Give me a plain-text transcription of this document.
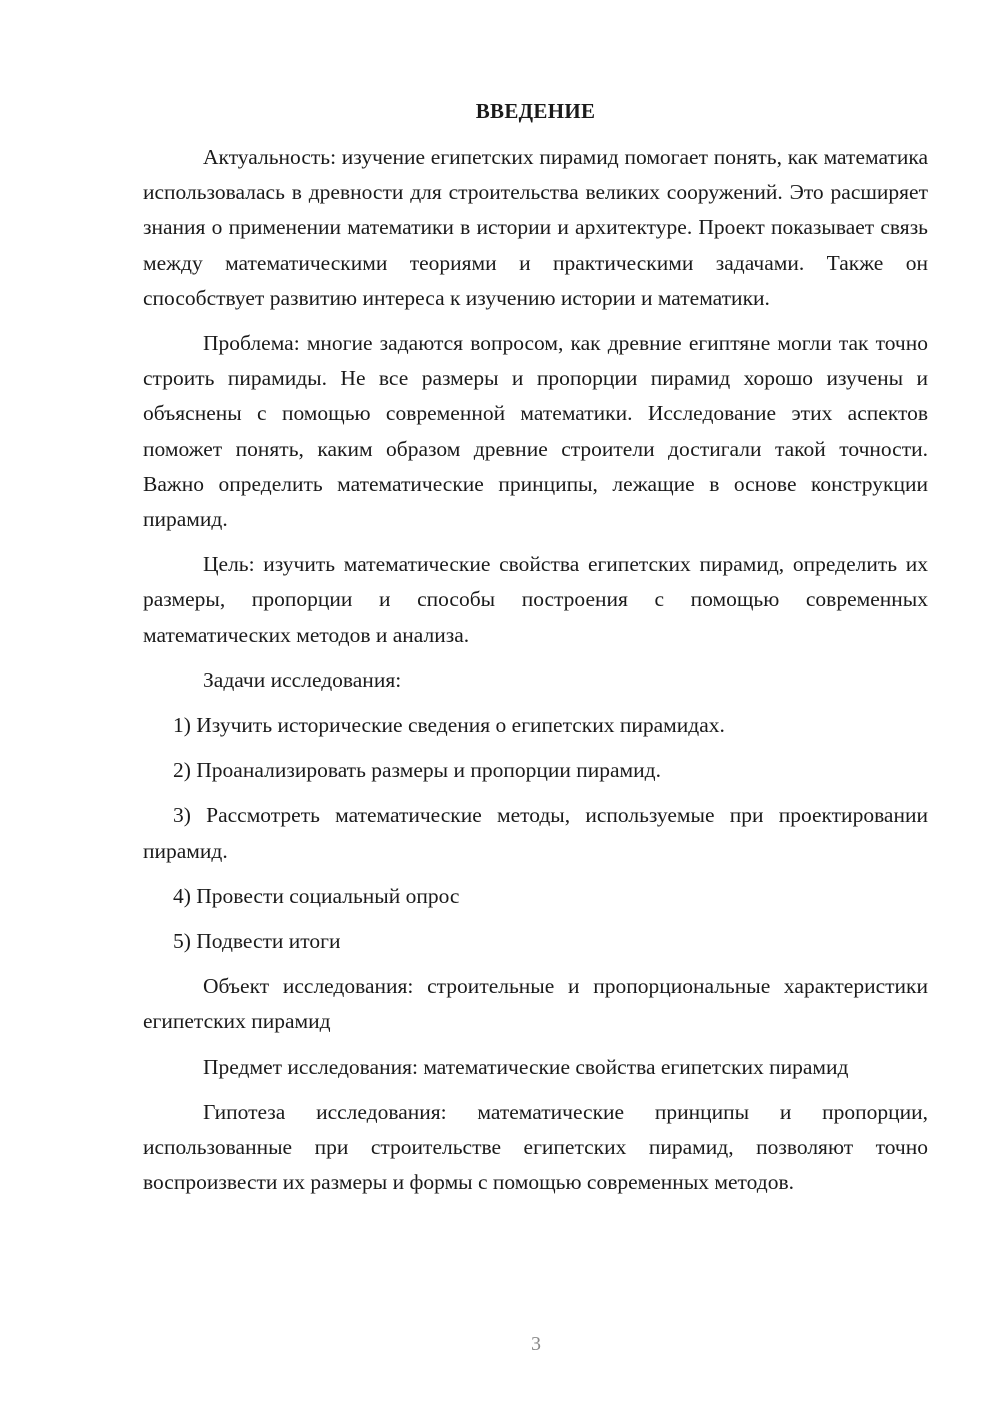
ВВЕДЕНИЕ

Актуальность: изучение египетских пирамид помогает понять, как математика использовалась в древности для строительства великих сооружений. Это расширяет знания о применении математики в истории и архитектуре. Проект показывает связь между математическими теориями и практическими задачами. Также он способствует развитию интереса к изучению истории и математики.

Проблема: многие задаются вопросом, как древние египтяне могли так точно строить пирамиды. Не все размеры и пропорции пирамид хорошо изучены и объяснены с помощью современной математики. Исследование этих аспектов поможет понять, каким образом древние строители достигали такой точности. Важно определить математические принципы, лежащие в основе конструкции пирамид.

Цель: изучить математические свойства египетских пирамид, определить их размеры, пропорции и способы построения с помощью современных математических методов и анализа.

Задачи исследования:

1) Изучить исторические сведения о египетских пирамидах.

2) Проанализировать размеры и пропорции пирамид.

3) Рассмотреть математические методы, используемые при проектировании пирамид.

4) Провести социальный опрос

5) Подвести итоги

Объект исследования: строительные и пропорциональные характеристики египетских пирамид

Предмет исследования: математические свойства египетских пирамид

Гипотеза исследования: математические принципы и пропорции, использованные при строительстве египетских пирамид, позволяют точно воспроизвести их размеры и формы с помощью современных методов.

3
